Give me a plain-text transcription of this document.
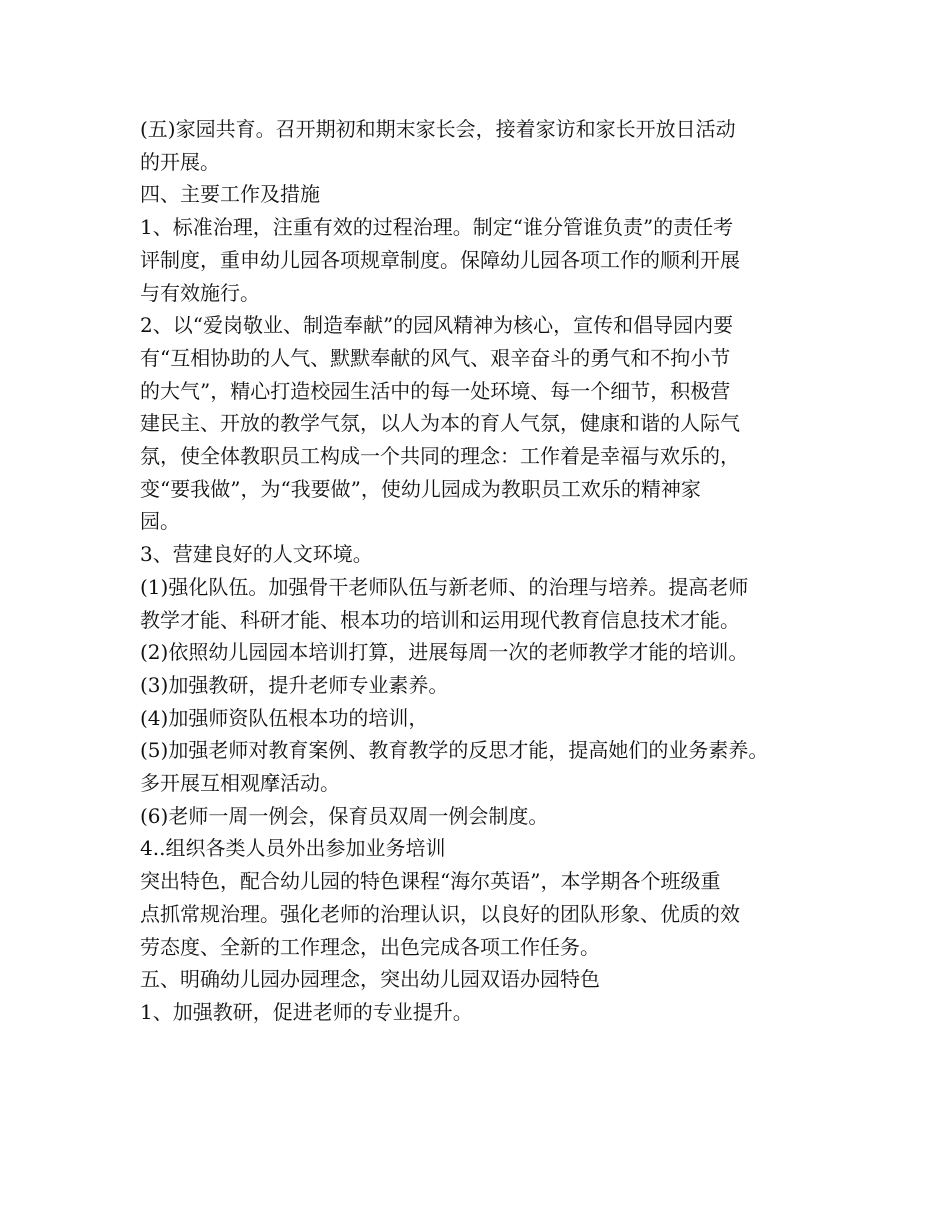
(五)家园共育。召开期初和期末家长会，接着家访和家长开放日活动
的开展。
四、主要工作及措施
1、标准治理，注重有效的过程治理。制定“谁分管谁负责”的责任考
评制度，重申幼儿园各项规章制度。保障幼儿园各项工作的顺利开展
与有效施行。
2、以“爱岗敬业、制造奉献”的园风精神为核心，宣传和倡导园内要
有“互相协助的人气、默默奉献的风气、艰辛奋斗的勇气和不拘小节
的大气”，精心打造校园生活中的每一处环境、每一个细节，积极营
建民主、开放的教学气氛，以人为本的育人气氛，健康和谐的人际气
氛，使全体教职员工构成一个共同的理念：工作着是幸福与欢乐的，
变“要我做”，为“我要做”，使幼儿园成为教职员工欢乐的精神家
园。
3、营建良好的人文环境。
(1)强化队伍。加强骨干老师队伍与新老师、的治理与培养。提高老师
教学才能、科研才能、根本功的培训和运用现代教育信息技术才能。
(2)依照幼儿园园本培训打算，进展每周一次的老师教学才能的培训。
(3)加强教研，提升老师专业素养。
(4)加强师资队伍根本功的培训，
(5)加强老师对教育案例、教育教学的反思才能，提高她们的业务素养。
多开展互相观摩活动。
(6)老师一周一例会，保育员双周一例会制度。
4..组织各类人员外出参加业务培训
突出特色，配合幼儿园的特色课程“海尔英语”，本学期各个班级重
点抓常规治理。强化老师的治理认识，以良好的团队形象、优质的效
劳态度、全新的工作理念，出色完成各项工作任务。
五、明确幼儿园办园理念，突出幼儿园双语办园特色
1、加强教研，促进老师的专业提升。
